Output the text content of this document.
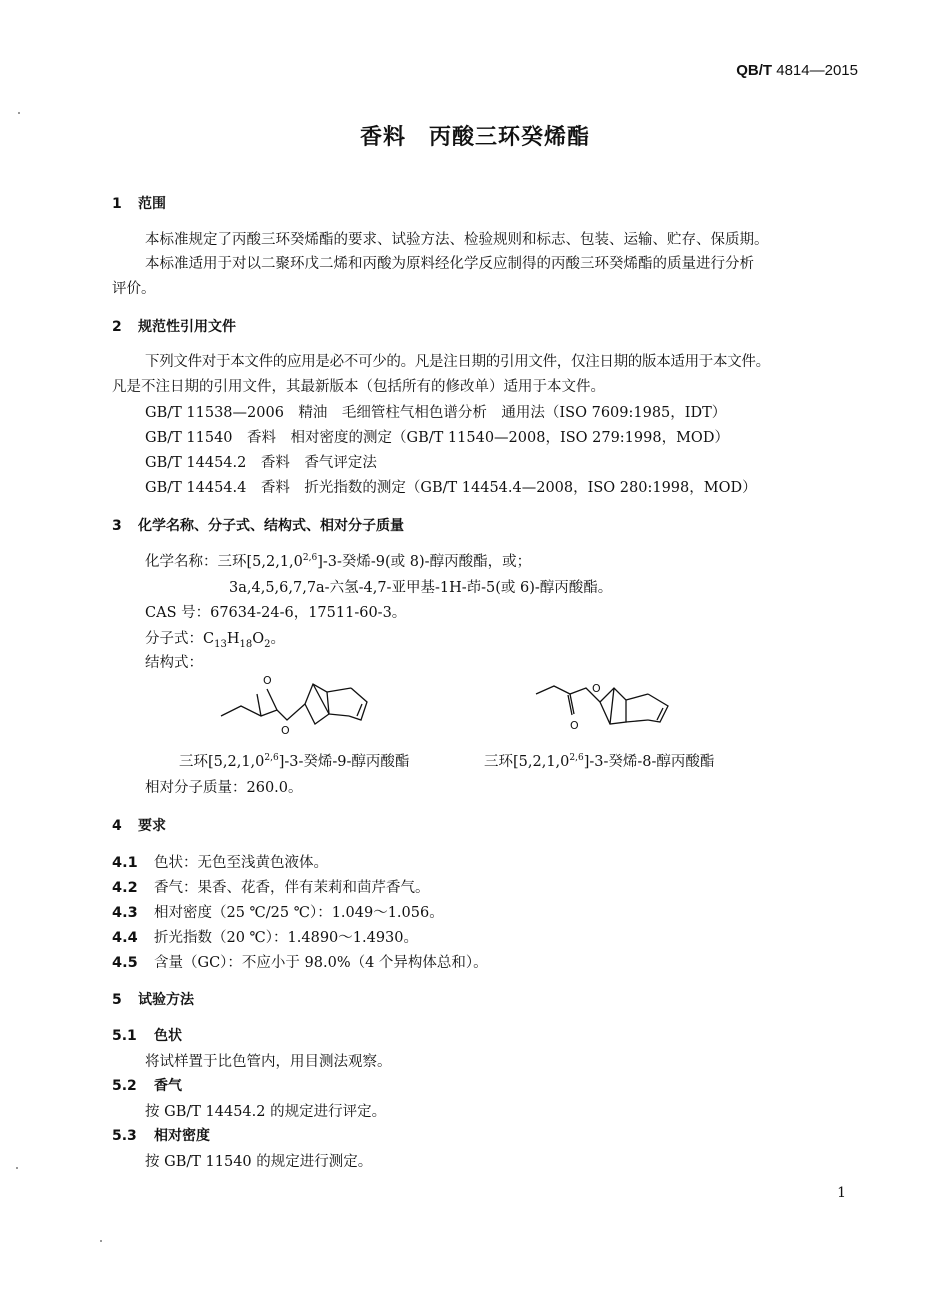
QB/T 4814—2015
香料　丙酸三环癸烯酯
1 范围
本标准规定了丙酸三环癸烯酯的要求、试验方法、检验规则和标志、包装、运输、贮存、保质期。
本标准适用于对以二聚环戊二烯和丙酸为原料经化学反应制得的丙酸三环癸烯酯的质量进行分析
评价。
2 规范性引用文件
下列文件对于本文件的应用是必不可少的。凡是注日期的引用文件，仅注日期的版本适用于本文件。
凡是不注日期的引用文件，其最新版本（包括所有的修改单）适用于本文件。
GB/T 11538—2006　精油　毛细管柱气相色谱分析　通用法（ISO 7609:1985，IDT）
GB/T 11540　香料　相对密度的测定（GB/T 11540—2008，ISO 279:1998，MOD）
GB/T 14454.2　香料　香气评定法
GB/T 14454.4　香料　折光指数的测定（GB/T 14454.4—2008，ISO 280:1998，MOD）
3 化学名称、分子式、结构式、相对分子质量
化学名称：三环[5,2,1,0$^{2,6}$]-3-癸烯-9(或 8)-醇丙酸酯，或；
3a,4,5,6,7,7a-六氢-4,7-亚甲基-1H-茚-5(或 6)-醇丙酸酯。
CAS 号：67634-24-6，17511-60-3。
分子式：$C_{13}H_{18}O_2$。
结构式：
O
O
O
O
三环[5,2,1,0$^{2,6}$]-3-癸烯-9-醇丙酸酯	三环[5,2,1,0$^{2,6}$]-3-癸烯-8-醇丙酸酯
相对分子质量：260.0。
4 要求
4.1 色状：无色至浅黄色液体。
4.2 香气：果香、花香，伴有茉莉和茴芹香气。
4.3 相对密度（25 ℃/25 ℃）：1.049～1.056。
4.4 折光指数（20 ℃）：1.4890～1.4930。
4.5 含量（GC）：不应小于 98.0%（4 个异构体总和）。
5 试验方法
5.1 色状
将试样置于比色管内，用目测法观察。
5.2 香气
按 GB/T 14454.2 的规定进行评定。
5.3 相对密度
按 GB/T 11540 的规定进行测定。
1
